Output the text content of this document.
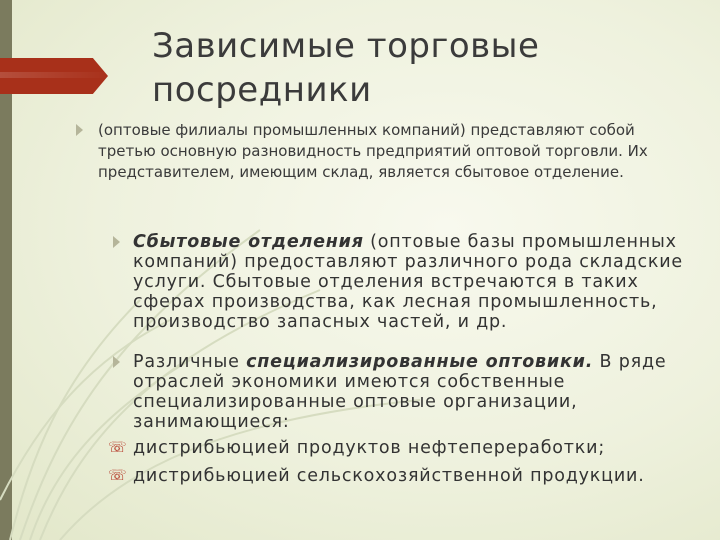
Зависимые торговые посредники
(оптовые филиалы промышленных компаний) представляют собой третью основную разновидность предприятий оптовой торговли. Их представителем, имеющим склад, является сбытовое отделение.
Сбытовые отделения (оптовые базы промышленных компаний) предоставляют различного рода складские услуги. Сбытовые отделения встречаются в таких сферах производства, как лесная промышленность, производство запасных частей, и др.
Различные специализированные оптовики. В ряде отраслей экономики имеются собственные специализированные оптовые организации, занимающиеся:
☏ дистрибьюцией продуктов нефтепереработки;
☏ дистрибьюцией сельскохозяйственной продукции.
